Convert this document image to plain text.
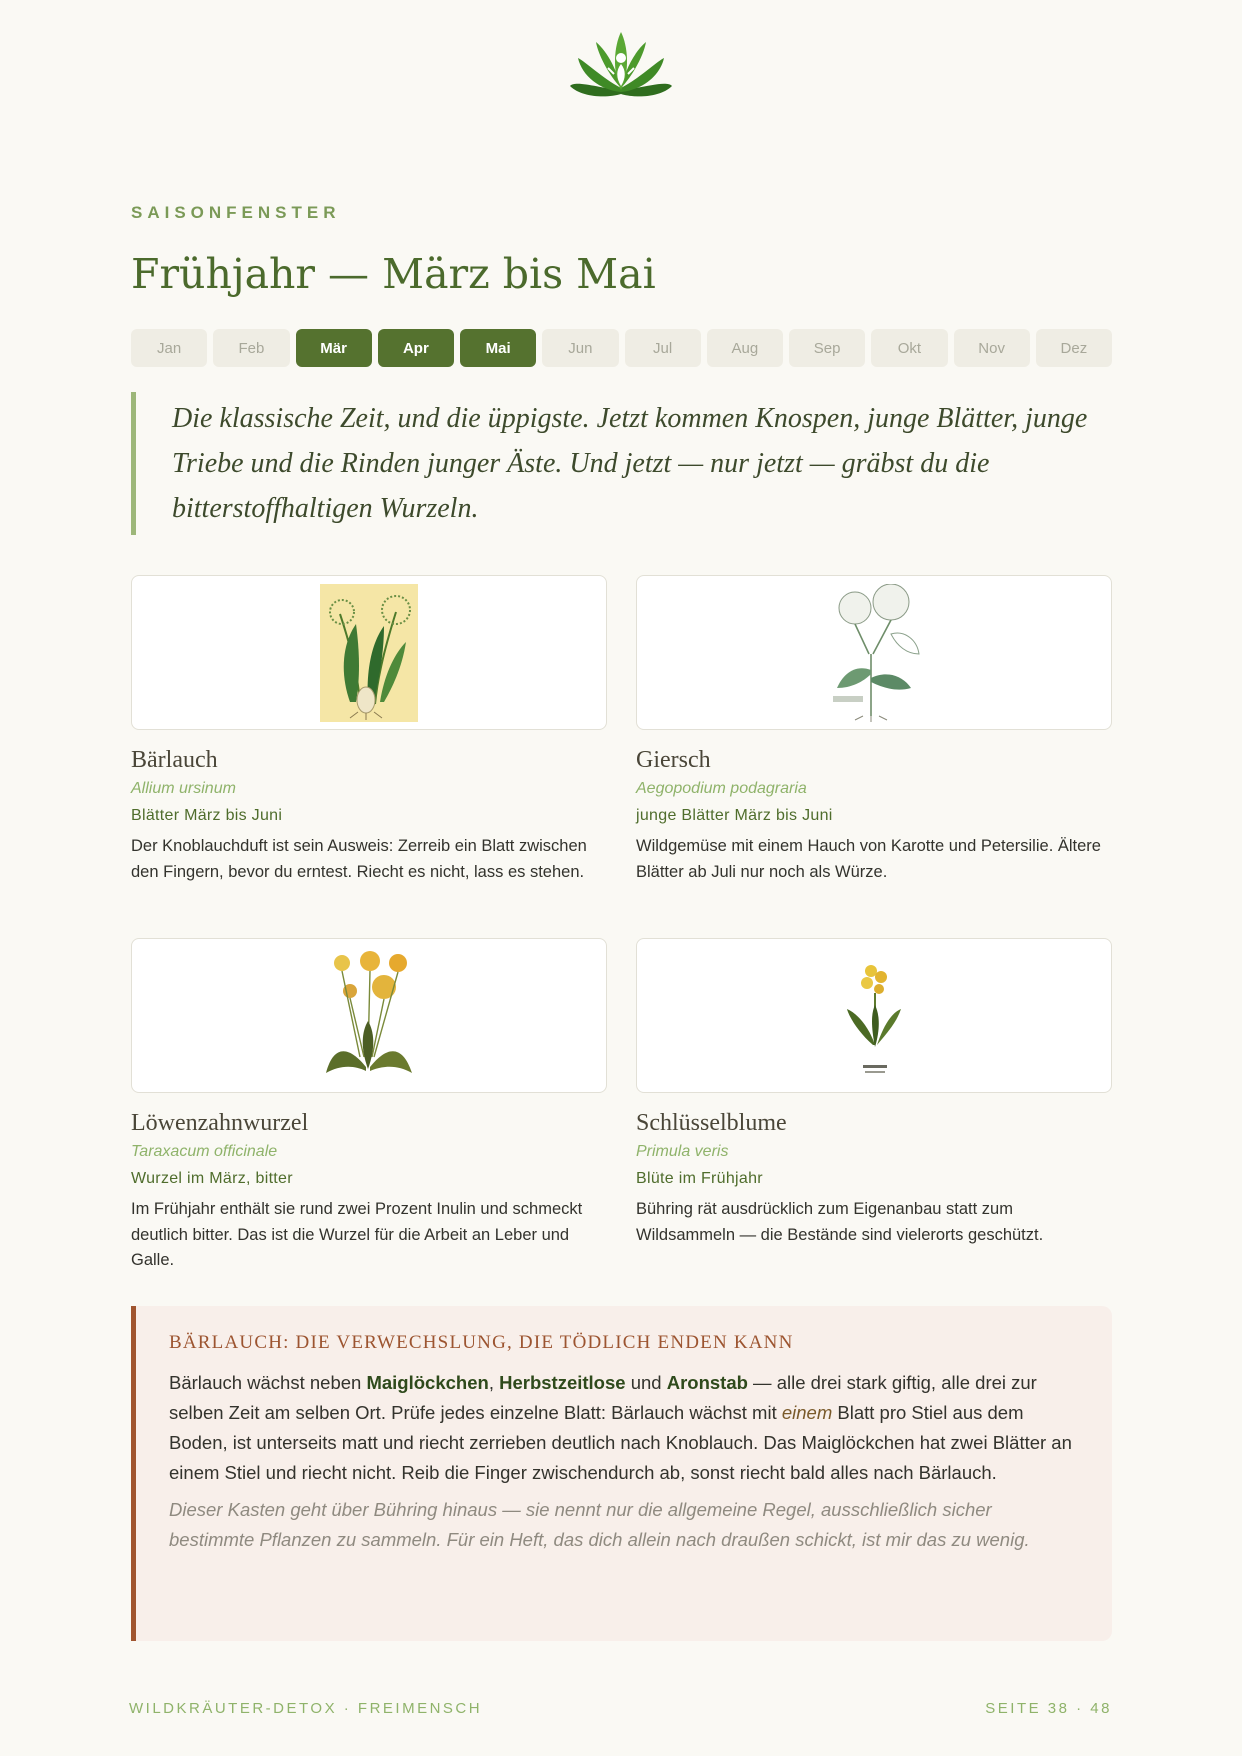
SAISONFENSTER
Frühjahr — März bis Mai
Jan	Feb	Mär	Apr	Mai	Jun	Jul	Aug	Sep	Okt	Nov	Dez
Die klassische Zeit, und die üppigste. Jetzt kommen Knospen, junge Blätter, junge Triebe und die Rinden junger Äste. Und jetzt — nur jetzt — gräbst du die bitterstoffhaltigen Wurzeln.
Bärlauch
Allium ursinum
Blätter März bis Juni
Der Knoblauchduft ist sein Ausweis: Zerreib ein Blatt zwischen den Fingern, bevor du erntest. Riecht es nicht, lass es stehen.
Giersch
Aegopodium podagraria
junge Blätter März bis Juni
Wildgemüse mit einem Hauch von Karotte und Petersilie. Ältere Blätter ab Juli nur noch als Würze.
Löwenzahnwurzel
Taraxacum officinale
Wurzel im März, bitter
Im Frühjahr enthält sie rund zwei Prozent Inulin und schmeckt deutlich bitter. Das ist die Wurzel für die Arbeit an Leber und Galle.
Schlüsselblume
Primula veris
Blüte im Frühjahr
Bühring rät ausdrücklich zum Eigenanbau statt zum Wildsammeln — die Bestände sind vielerorts geschützt.
BÄRLAUCH: DIE VERWECHSLUNG, DIE TÖDLICH ENDEN KANN

Bärlauch wächst neben Maiglöckchen, Herbstzeitlose und Aronstab — alle drei stark giftig, alle drei zur selben Zeit am selben Ort. Prüfe jedes einzelne Blatt: Bärlauch wächst mit einem Blatt pro Stiel aus dem Boden, ist unterseits matt und riecht zerrieben deutlich nach Knoblauch. Das Maiglöckchen hat zwei Blätter an einem Stiel und riecht nicht. Reib die Finger zwischendurch ab, sonst riecht bald alles nach Bärlauch.

Dieser Kasten geht über Bühring hinaus — sie nennt nur die allgemeine Regel, ausschließlich sicher bestimmte Pflanzen zu sammeln. Für ein Heft, das dich allein nach draußen schickt, ist mir das zu wenig.

WILDKRÄUTER-DETOX · FREIMENSCH	SEITE 38 · 48
